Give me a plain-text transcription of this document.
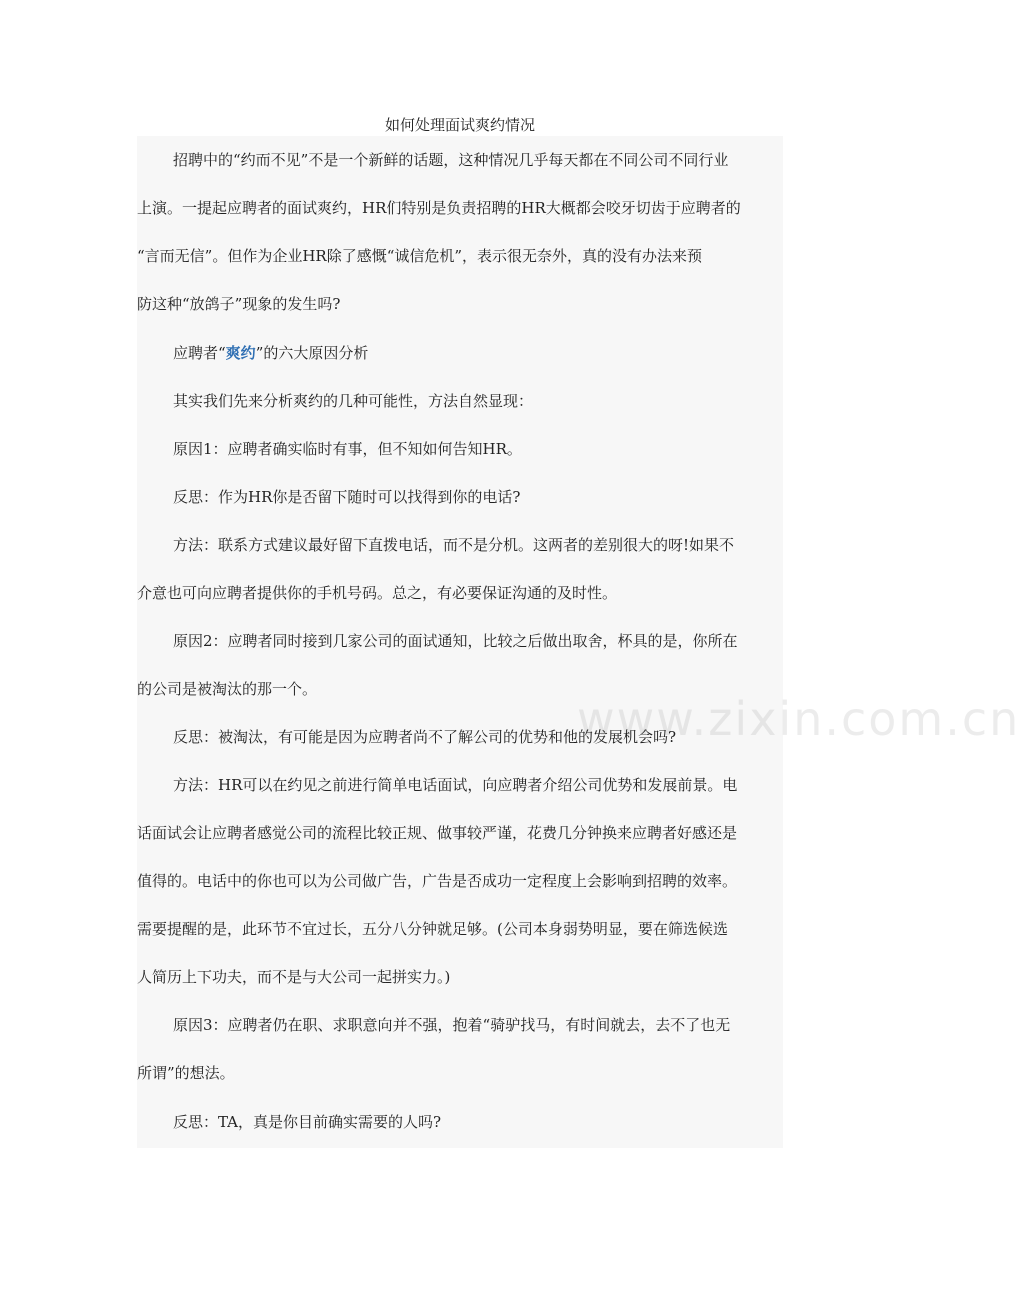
如何处理面试爽约情况
www.zixin.com.cn
招聘中的“约而不见”不是一个新鲜的话题，这种情况几乎每天都在不同公司不同行业
上演。一提起应聘者的面试爽约，HR们特别是负责招聘的HR大概都会咬牙切齿于应聘者的
“言而无信”。但作为企业HR除了感慨“诚信危机”，表示很无奈外，真的没有办法来预
防这种“放鸽子”现象的发生吗?
应聘者“爽约”的六大原因分析
其实我们先来分析爽约的几种可能性，方法自然显现：
原因1：应聘者确实临时有事，但不知如何告知HR。
反思：作为HR你是否留下随时可以找得到你的电话?
方法：联系方式建议最好留下直拨电话，而不是分机。这两者的差别很大的呀!如果不
介意也可向应聘者提供你的手机号码。总之，有必要保证沟通的及时性。
原因2：应聘者同时接到几家公司的面试通知，比较之后做出取舍，杯具的是，你所在
的公司是被淘汰的那一个。
反思：被淘汰，有可能是因为应聘者尚不了解公司的优势和他的发展机会吗?
方法：HR可以在约见之前进行简单电话面试，向应聘者介绍公司优势和发展前景。电
话面试会让应聘者感觉公司的流程比较正规、做事较严谨，花费几分钟换来应聘者好感还是
值得的。电话中的你也可以为公司做广告，广告是否成功一定程度上会影响到招聘的效率。
需要提醒的是，此环节不宜过长，五分八分钟就足够。(公司本身弱势明显，要在筛选候选
人简历上下功夫，而不是与大公司一起拼实力。)
原因3：应聘者仍在职、求职意向并不强，抱着“骑驴找马，有时间就去，去不了也无
所谓”的想法。
反思：TA，真是你目前确实需要的人吗?
